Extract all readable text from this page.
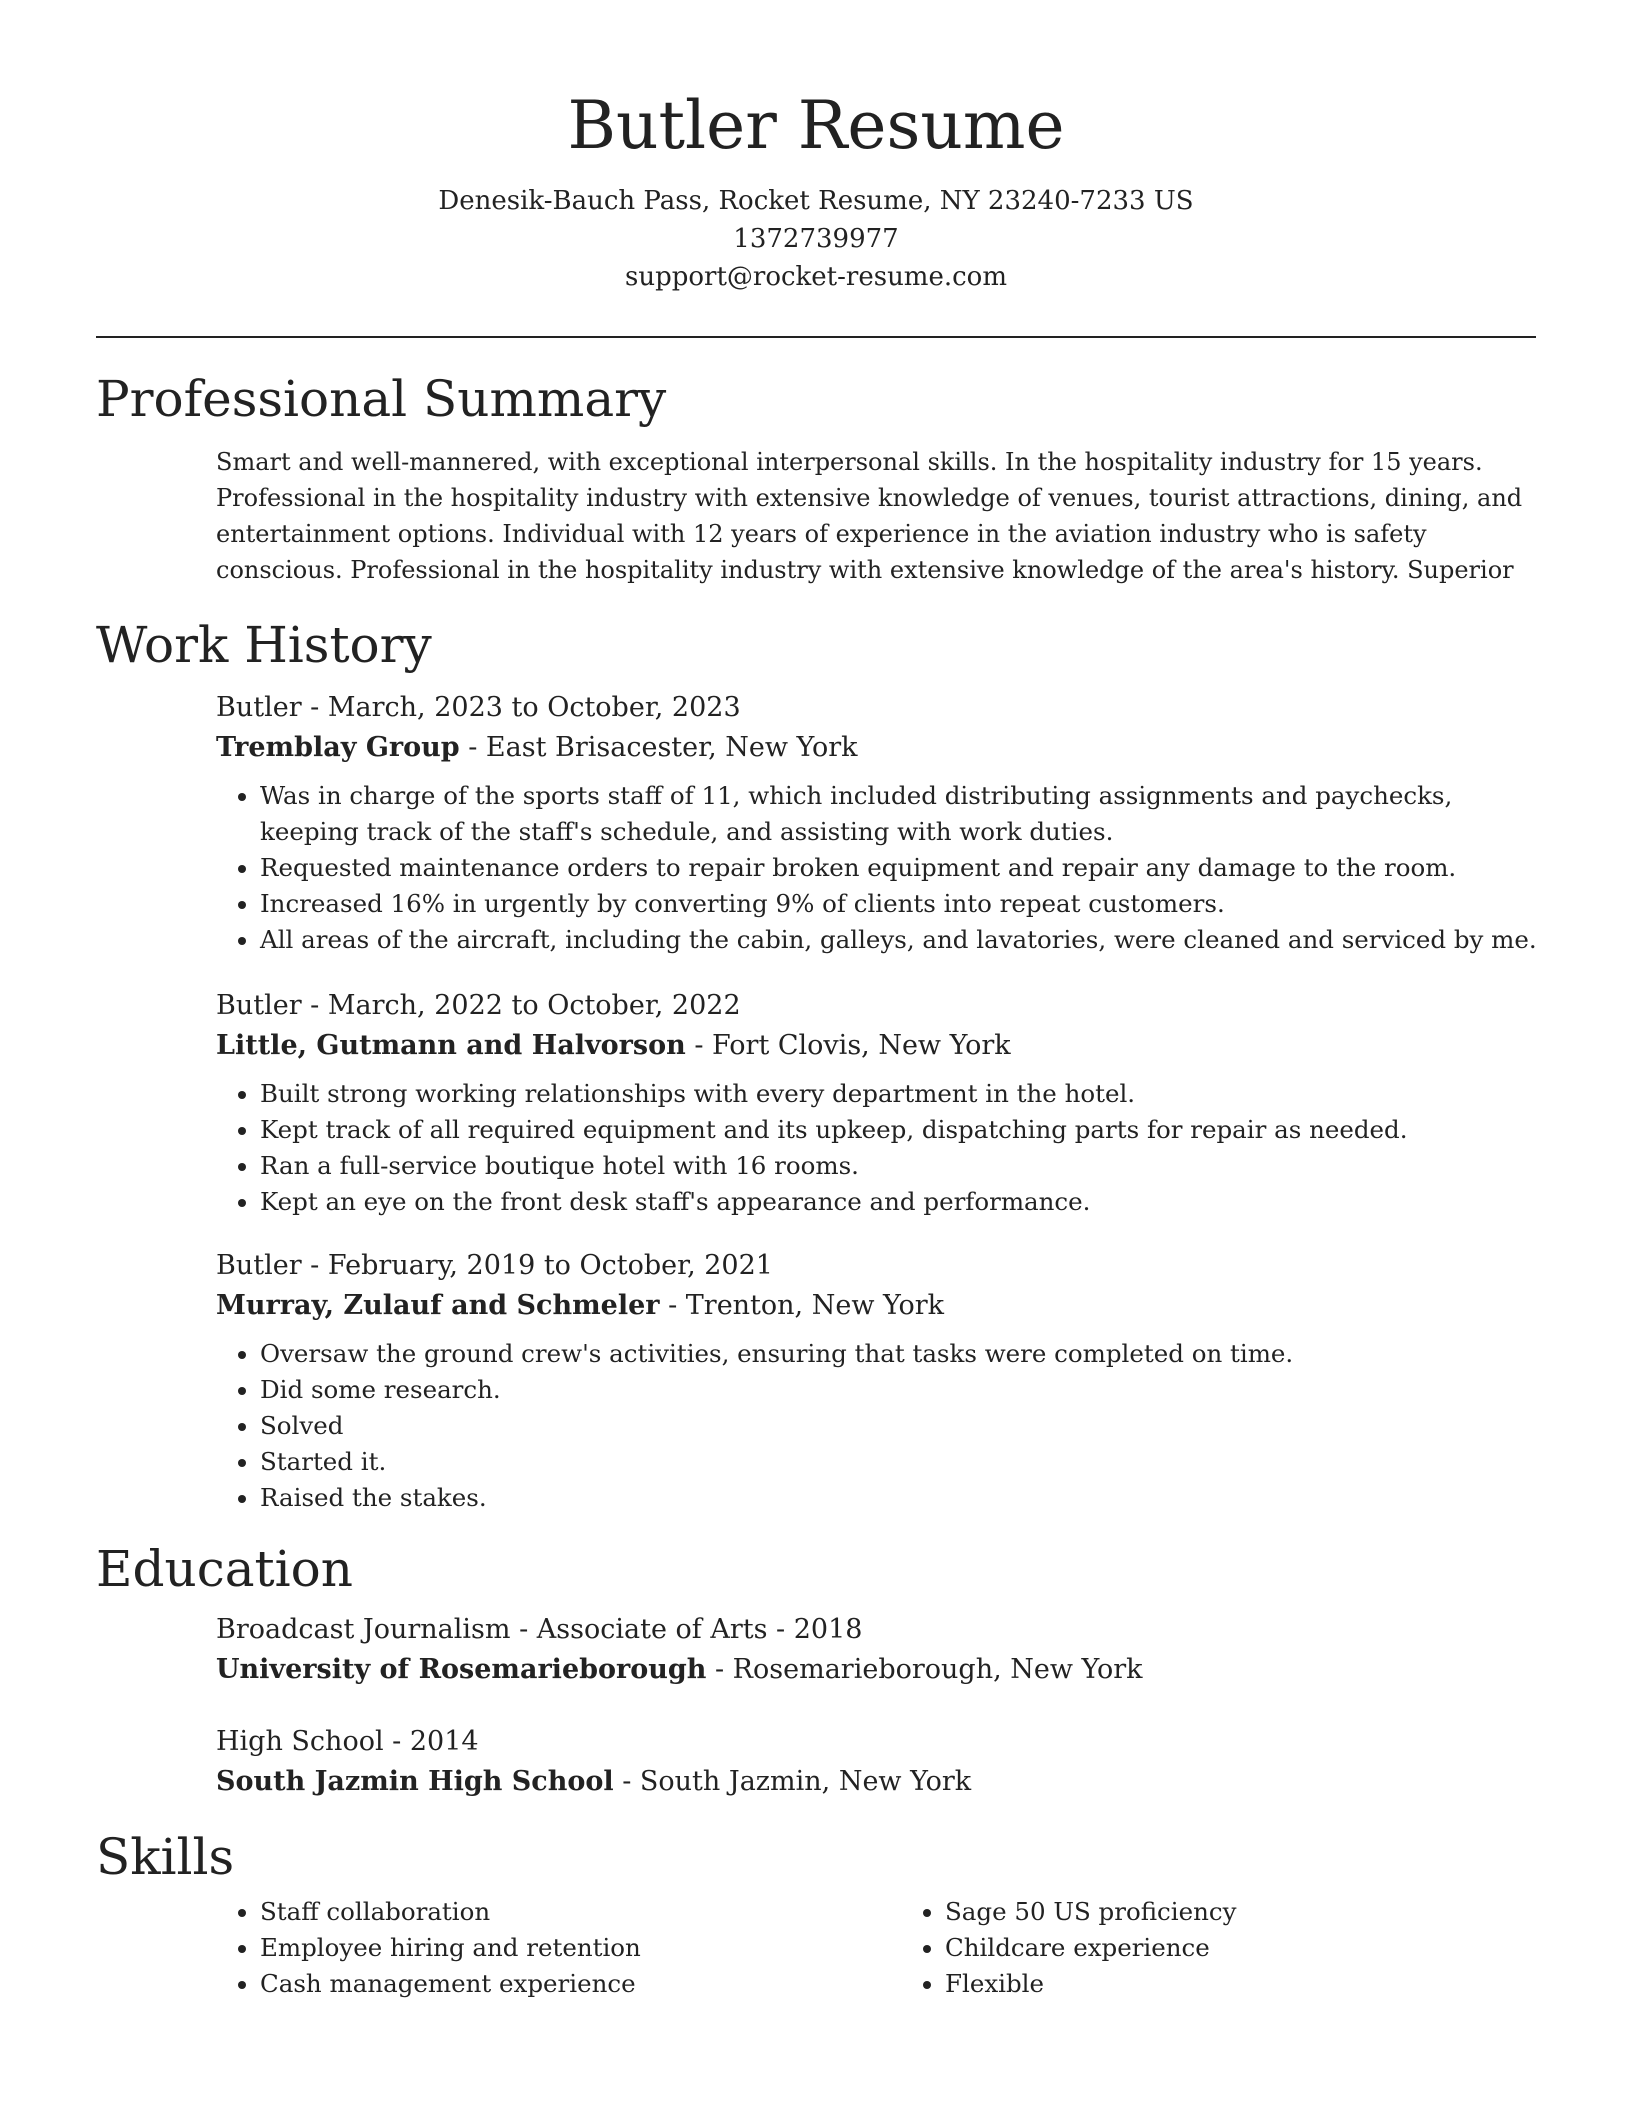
Butler Resume
Denesik-Bauch Pass, Rocket Resume, NY 23240-7233 US
1372739977
support@rocket-resume.com
Professional Summary

Smart and well-mannered, with exceptional interpersonal skills. In the hospitality industry for 15 years. Professional in the hospitality industry with extensive knowledge of venues, tourist attractions, dining, and entertainment options. Individual with 12 years of experience in the aviation industry who is safety conscious. Professional in the hospitality industry with extensive knowledge of the area's history. Superior

Work History

Butler - March, 2023 to October, 2023

Tremblay Group - East Brisacester, New York

• Was in charge of the sports staff of 11, which included distributing assignments and paychecks, keeping track of the staff's schedule, and assisting with work duties.
• Requested maintenance orders to repair broken equipment and repair any damage to the room.
• Increased 16% in urgently by converting 9% of clients into repeat customers.
• All areas of the aircraft, including the cabin, galleys, and lavatories, were cleaned and serviced by me.

Butler - March, 2022 to October, 2022

Little, Gutmann and Halvorson - Fort Clovis, New York

• Built strong working relationships with every department in the hotel.
• Kept track of all required equipment and its upkeep, dispatching parts for repair as needed.
• Ran a full-service boutique hotel with 16 rooms.
• Kept an eye on the front desk staff's appearance and performance.

Butler - February, 2019 to October, 2021

Murray, Zulauf and Schmeler - Trenton, New York

• Oversaw the ground crew's activities, ensuring that tasks were completed on time.
• Did some research.
• Solved
• Started it.
• Raised the stakes.
Education

Broadcast Journalism - Associate of Arts - 2018

University of Rosemarieborough - Rosemarieborough, New York

High School - 2014

South Jazmin High School - South Jazmin, New York

Skills
• Staff collaboration
• Employee hiring and retention
• Cash management experience
• Sage 50 US proficiency
• Childcare experience
• Flexible
